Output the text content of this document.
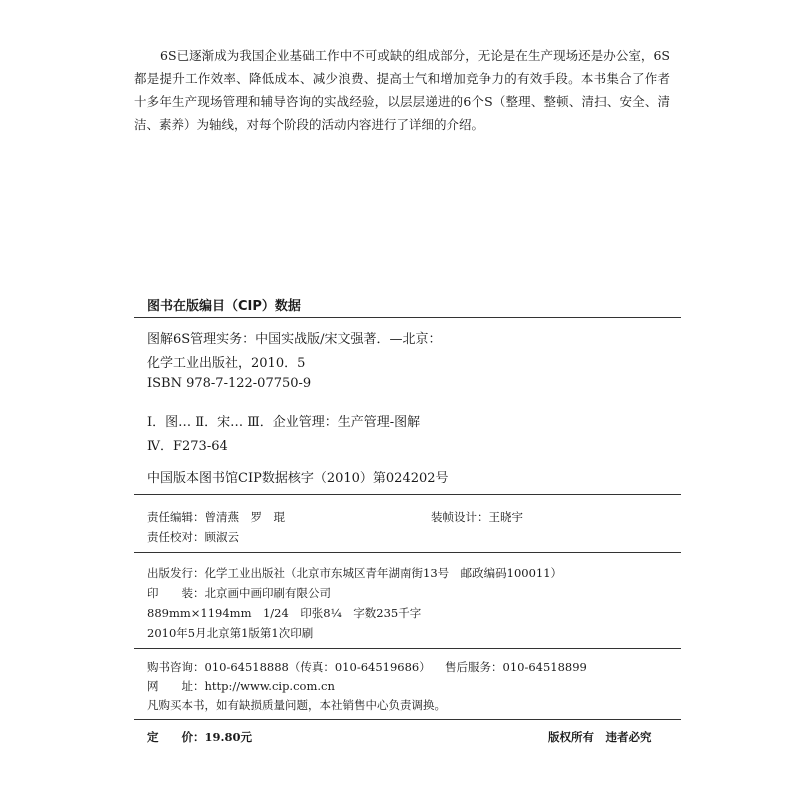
6S已逐渐成为我国企业基础工作中不可或缺的组成部分，无论是在生产现场还是办公室，6S都是提升工作效率、降低成本、减少浪费、提高士气和增加竞争力的有效手段。本书集合了作者十多年生产现场管理和辅导咨询的实战经验，以层层递进的6个S（整理、整顿、清扫、安全、清洁、素养）为轴线，对每个阶段的活动内容进行了详细的介绍。

图书在版编目（CIP）数据
图解6S管理实务：中国实战版/宋文强著．—北京：
化学工业出版社，2010．5
ISBN 978-7-122-07750-9
Ⅰ．图… Ⅱ．宋… Ⅲ．企业管理：生产管理-图解
Ⅳ．F273-64
中国版本图书馆CIP数据核字（2010）第024202号
责任编辑：曾清燕　罗　琨	装帧设计：王晓宇
责任校对：顾淑云
出版发行：化学工业出版社（北京市东城区青年湖南街13号　邮政编码100011）
印　　装：北京画中画印刷有限公司
889mm×1194mm　1/24　印张8¼　字数235千字
2010年5月北京第1版第1次印刷
购书咨询：010-64518888（传真：010-64519686） 售后服务：010-64518899
网　　址：http://www.cip.com.cn
凡购买本书，如有缺损质量问题，本社销售中心负责调换。
定　　价：19.80元	版权所有　违者必究
